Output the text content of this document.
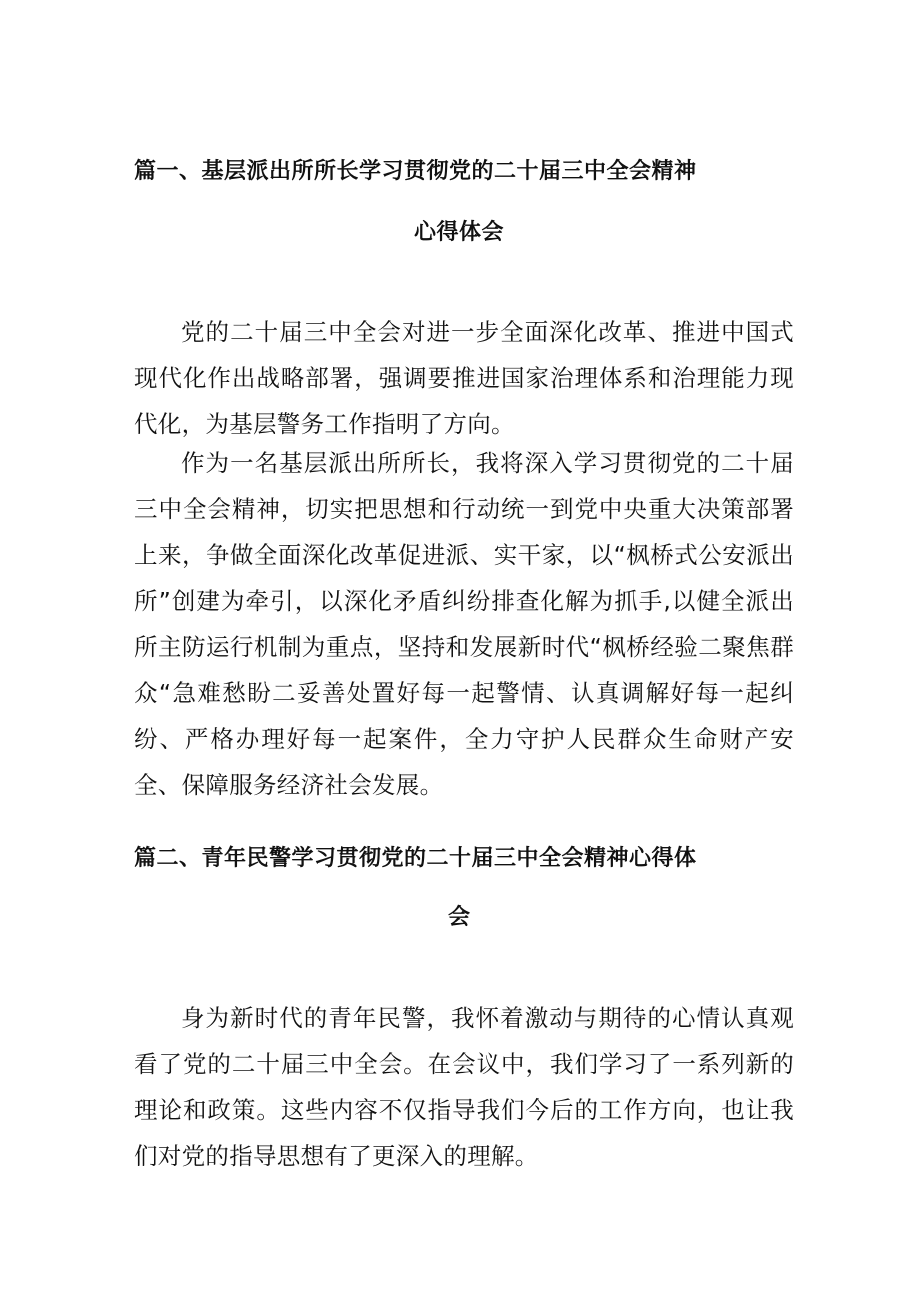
篇一、基层派出所所长学习贯彻党的二十届三中全会精神
心得体会

党的二十届三中全会对进一步全面深化改革、推进中国式现代化作出战略部署，强调要推进国家治理体系和治理能力现代化，为基层警务工作指明了方向。

作为一名基层派出所所长，我将深入学习贯彻党的二十届三中全会精神，切实把思想和行动统一到党中央重大决策部署上来，争做全面深化改革促进派、实干家，以“枫桥式公安派出所”创建为牵引，以深化矛盾纠纷排查化解为抓手,以健全派出所主防运行机制为重点，坚持和发展新时代“枫桥经验二聚焦群众“急难愁盼二妥善处置好每一起警情、认真调解好每一起纠纷、严格办理好每一起案件，全力守护人民群众生命财产安全、保障服务经济社会发展。

篇二、青年民警学习贯彻党的二十届三中全会精神心得体
会

身为新时代的青年民警，我怀着激动与期待的心情认真观看了党的二十届三中全会。在会议中，我们学习了一系列新的理论和政策。这些内容不仅指导我们今后的工作方向，也让我们对党的指导思想有了更深入的理解。
